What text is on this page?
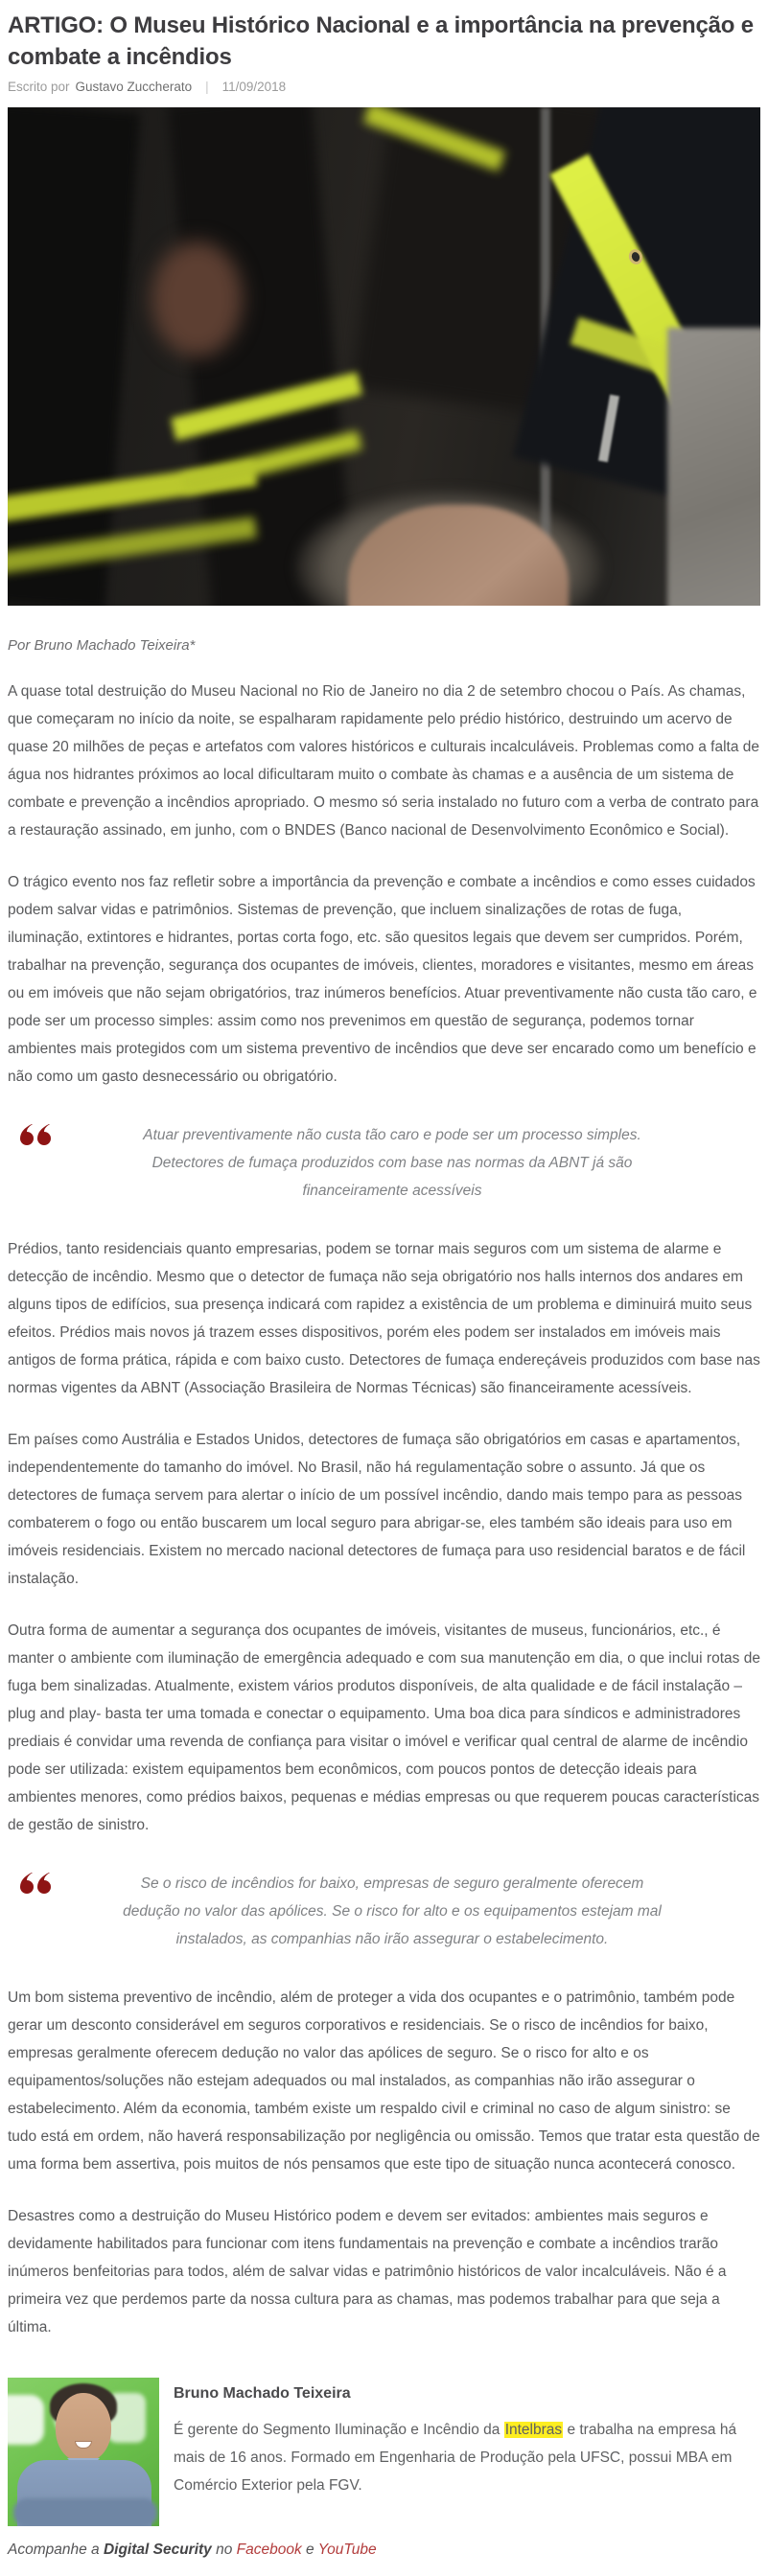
ARTIGO: O Museu Histórico Nacional e a importância na prevenção e combate a incêndios
Escrito por Gustavo Zuccherato	|	11/09/2018

Por Bruno Machado Teixeira*

A quase total destruição do Museu Nacional no Rio de Janeiro no dia 2 de setembro chocou o País. As chamas, que começaram no início da noite, se espalharam rapidamente pelo prédio histórico, destruindo um acervo de quase 20 milhões de peças e artefatos com valores históricos e culturais incalculáveis. Problemas como a falta de água nos hidrantes próximos ao local dificultaram muito o combate às chamas e a ausência de um sistema de combate e prevenção a incêndios apropriado. O mesmo só seria instalado no futuro com a verba de contrato para a restauração assinado, em junho, com o BNDES (Banco nacional de Desenvolvimento Econômico e Social).

O trágico evento nos faz refletir sobre a importância da prevenção e combate a incêndios e como esses cuidados podem salvar vidas e patrimônios. Sistemas de prevenção, que incluem sinalizações de rotas de fuga, iluminação, extintores e hidrantes, portas corta fogo, etc. são quesitos legais que devem ser cumpridos. Porém, trabalhar na prevenção, segurança dos ocupantes de imóveis, clientes, moradores e visitantes, mesmo em áreas ou em imóveis que não sejam obrigatórios, traz inúmeros benefícios. Atuar preventivamente não custa tão caro, e pode ser um processo simples: assim como nos prevenimos em questão de segurança, podemos tornar ambientes mais protegidos com um sistema preventivo de incêndios que deve ser encarado como um benefício e não como um gasto desnecessário ou obrigatório.

Atuar preventivamente não custa tão caro e pode ser um processo simples. Detectores de fumaça produzidos com base nas normas da ABNT já são financeiramente acessíveis

Prédios, tanto residenciais quanto empresarias, podem se tornar mais seguros com um sistema de alarme e detecção de incêndio. Mesmo que o detector de fumaça não seja obrigatório nos halls internos dos andares em alguns tipos de edifícios, sua presença indicará com rapidez a existência de um problema e diminuirá muito seus efeitos. Prédios mais novos já trazem esses dispositivos, porém eles podem ser instalados em imóveis mais antigos de forma prática, rápida e com baixo custo. Detectores de fumaça endereçáveis produzidos com base nas normas vigentes da ABNT (Associação Brasileira de Normas Técnicas) são financeiramente acessíveis.

Em países como Austrália e Estados Unidos, detectores de fumaça são obrigatórios em casas e apartamentos, independentemente do tamanho do imóvel. No Brasil, não há regulamentação sobre o assunto. Já que os detectores de fumaça servem para alertar o início de um possível incêndio, dando mais tempo para as pessoas combaterem o fogo ou então buscarem um local seguro para abrigar-se, eles também são ideais para uso em imóveis residenciais. Existem no mercado nacional detectores de fumaça para uso residencial baratos e de fácil instalação.

Outra forma de aumentar a segurança dos ocupantes de imóveis, visitantes de museus, funcionários, etc., é manter o ambiente com iluminação de emergência adequado e com sua manutenção em dia, o que inclui rotas de fuga bem sinalizadas. Atualmente, existem vários produtos disponíveis, de alta qualidade e de fácil instalação – plug and play- basta ter uma tomada e conectar o equipamento. Uma boa dica para síndicos e administradores prediais é convidar uma revenda de confiança para visitar o imóvel e verificar qual central de alarme de incêndio pode ser utilizada: existem equipamentos bem econômicos, com poucos pontos de detecção ideais para ambientes menores, como prédios baixos, pequenas e médias empresas ou que requerem poucas características de gestão de sinistro.

Se o risco de incêndios for baixo, empresas de seguro geralmente oferecem dedução no valor das apólices. Se o risco for alto e os equipamentos estejam mal instalados, as companhias não irão assegurar o estabelecimento.

Um bom sistema preventivo de incêndio, além de proteger a vida dos ocupantes e o patrimônio, também pode gerar um desconto considerável em seguros corporativos e residenciais. Se o risco de incêndios for baixo, empresas geralmente oferecem dedução no valor das apólices de seguro. Se o risco for alto e os equipamentos/soluções não estejam adequados ou mal instalados, as companhias não irão assegurar o estabelecimento. Além da economia, também existe um respaldo civil e criminal no caso de algum sinistro: se tudo está em ordem, não haverá responsabilização por negligência ou omissão. Temos que tratar esta questão de uma forma bem assertiva, pois muitos de nós pensamos que este tipo de situação nunca acontecerá conosco.

Desastres como a destruição do Museu Histórico podem e devem ser evitados: ambientes mais seguros e devidamente habilitados para funcionar com itens fundamentais na prevenção e combate a incêndios trarão inúmeros benfeitorias para todos, além de salvar vidas e patrimônio históricos de valor incalculáveis. Não é a primeira vez que perdemos parte da nossa cultura para as chamas, mas podemos trabalhar para que seja a última.

Bruno Machado Teixeira
É gerente do Segmento Iluminação e Incêndio da Intelbras e trabalha na empresa há mais de 16 anos. Formado em Engenharia de Produção pela UFSC, possui MBA em Comércio Exterior pela FGV.
Acompanhe a Digital Security no Facebook e YouTube
